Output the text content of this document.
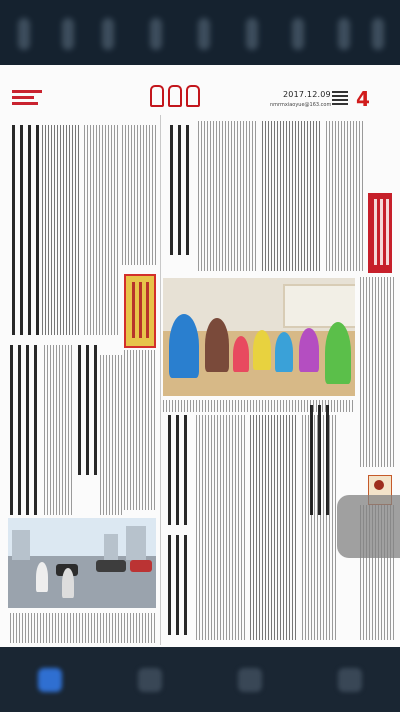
2017.12.09
nmrmxiaoyue@163.com 4
